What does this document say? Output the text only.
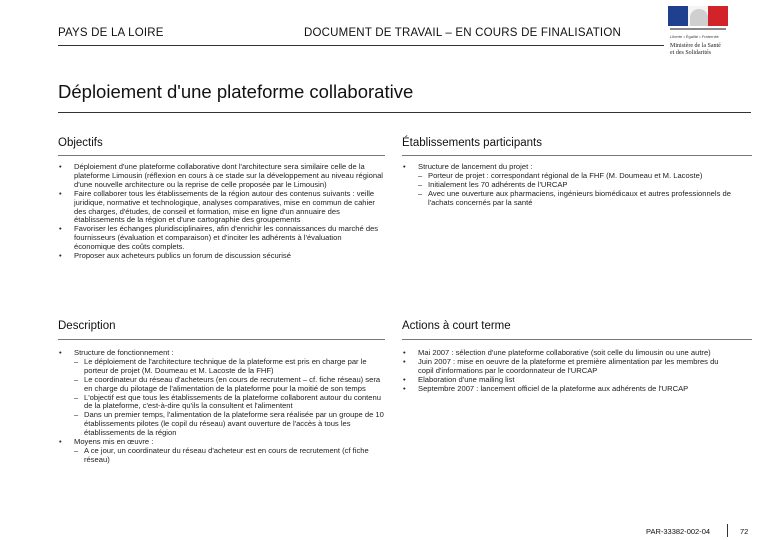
PAYS DE LA LOIRE	DOCUMENT DE TRAVAIL – EN COURS DE FINALISATION	Liberté • Égalité • Fraternité
Ministère de la Santé
et des Solidarités
Déploiement d'une plateforme collaborative
Objectifs
• Déploiement d'une plateforme collaborative dont l'architecture sera similaire celle de la plateforme Limousin (réflexion en cours à ce stade sur la développement au niveau régional d'une nouvelle architecture ou la reprise de celle proposée par le Limousin)
• Faire collaborer tous les établissements de la région autour des contenus suivants : veille juridique, normative et technologique, analyses comparatives, mise en commun de cahier des charges, d'études, de conseil et formation, mise en ligne d'un annuaire des établissements de la région et d'une cartographie des groupements
• Favoriser les échanges pluridisciplinaires, afin d'enrichir les connaissances du marché des fournisseurs (évaluation et comparaison) et d'inciter les adhérents à l'évaluation économique des coûts complets.
• Proposer aux acheteurs publics un forum de discussion sécurisé
Établissements participants
• Structure de lancement du projet :
– Porteur de projet : correspondant régional de la FHF (M. Doumeau et M. Lacoste)
– Initialement les 70 adhérents de l'URCAP
– Avec une ouverture aux pharmaciens, ingénieurs biomédicaux et autres professionnels de l'achats concernés par la santé
Description
• Structure de fonctionnement :
– Le déploiement de l'architecture technique de la plateforme est pris en charge par le porteur de projet (M. Doumeau et M. Lacoste de la FHF)
– Le coordinateur du réseau d'acheteurs (en cours de recrutement – cf. fiche réseau) sera en charge du pilotage de l'alimentation de la plateforme pour la moitié de son temps
– L'objectif est que tous les établissements de la plateforme collaborent autour du contenu de la plateforme, c'est-à-dire qu'ils la consultent et l'alimentent
– Dans un premier temps, l'alimentation de la plateforme sera réalisée par un groupe de 10 établissements pilotes (le copil du réseau) avant ouverture de l'accès à tous les établissements de la région
• Moyens mis en œuvre :
– A ce jour, un coordinateur du réseau d'acheteur est en cours de recrutement (cf fiche réseau)
Actions à court terme
• Mai 2007 : sélection d'une plateforme collaborative (soit celle du limousin ou une autre)
• Juin 2007 : mise en oeuvre de la plateforme et première alimentation par les membres du copil d'informations par le coordonnateur de l'URCAP
• Elaboration d'une mailing list
• Septembre 2007 : lancement officiel de la plateforme aux adhérents de l'URCAP
PAR-33382-002-04	72
